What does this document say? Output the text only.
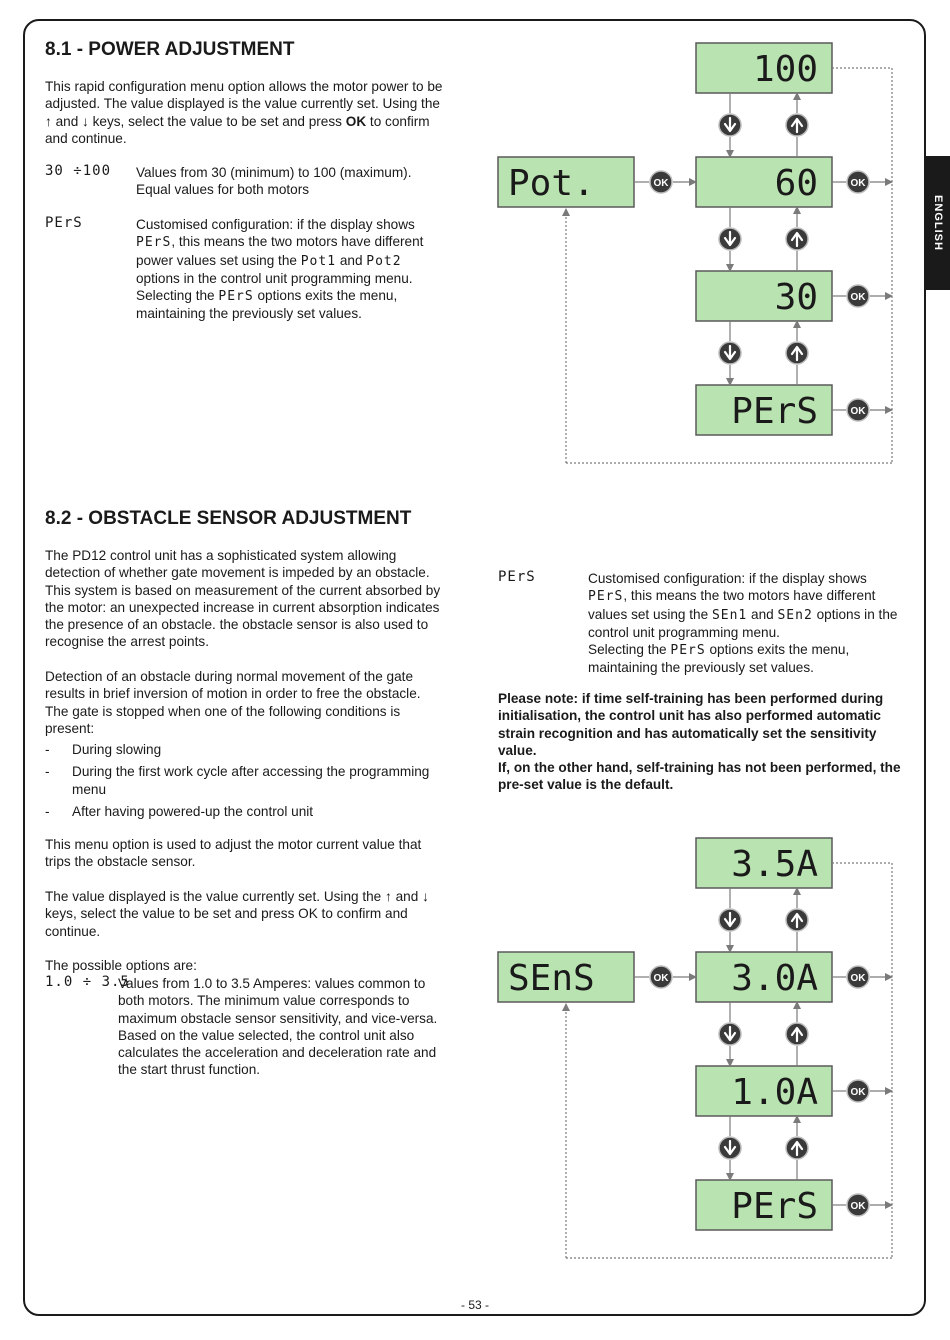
ENGLISH
8.1 - POWER ADJUSTMENT

This rapid configuration menu option allows the motor power to be adjusted. The value displayed is the value currently set. Using the ↑ and ↓ keys, select the value to be set and press OK to confirm and continue.

30 ÷100 Values from 30 (minimum) to 100 (maximum). Equal values for both motors

PErS	Customised configuration: if the display shows PErS, this means the two motors have different power values set using the Pot1 and Pot2 options in the control unit programming menu. Selecting the PErS options exits the menu, maintaining the previously set values.

8.2 - OBSTACLE SENSOR ADJUSTMENT

The PD12 control unit has a sophisticated system allowing detection of whether gate movement is impeded by an obstacle. This system is based on measurement of the current absorbed by the motor: an unexpected increase in current absorption indicates the presence of an obstacle. the obstacle sensor is also used to recognise the arrest points.

Detection of an obstacle during normal movement of the gate results in brief inversion of motion in order to free the obstacle. The gate is stopped when one of the following conditions is present:

- During slowing
- During the first work cycle after accessing the programming menu
- After having powered-up the control unit

This menu option is used to adjust the motor current value that trips the obstacle sensor.

The value displayed is the value currently set. Using the ↑ and ↓ keys, select the value to be set and press OK to confirm and continue.

The possible options are:

1.0 ÷ 3.5

Values from 1.0 to 3.5 Amperes: values common to both motors. The minimum value corresponds to maximum obstacle sensor sensitivity, and vice-versa. Based on the value selected, the control unit also calculates the acceleration and deceleration rate and the start thrust function.

PErS	Customised configuration: if the display shows PErS, this means the two motors have different values set using the SEn1 and SEn2 options in the control unit programming menu.
Selecting the PErS options exits the menu, maintaining the previously set values.

Please note: if time self-training has been performed during initialisation, the control unit has also performed automatic strain recognition and has automatically set the sensitivity value.
If, on the other hand, self-training has not been performed, the pre-set value is the default.

100
60
30
PErS
Pot.	OK	OK
OK
OK
3.5A
3.0A
1.0A
PErS
SEnS	OK	OK
OK
OK
- 53 -
